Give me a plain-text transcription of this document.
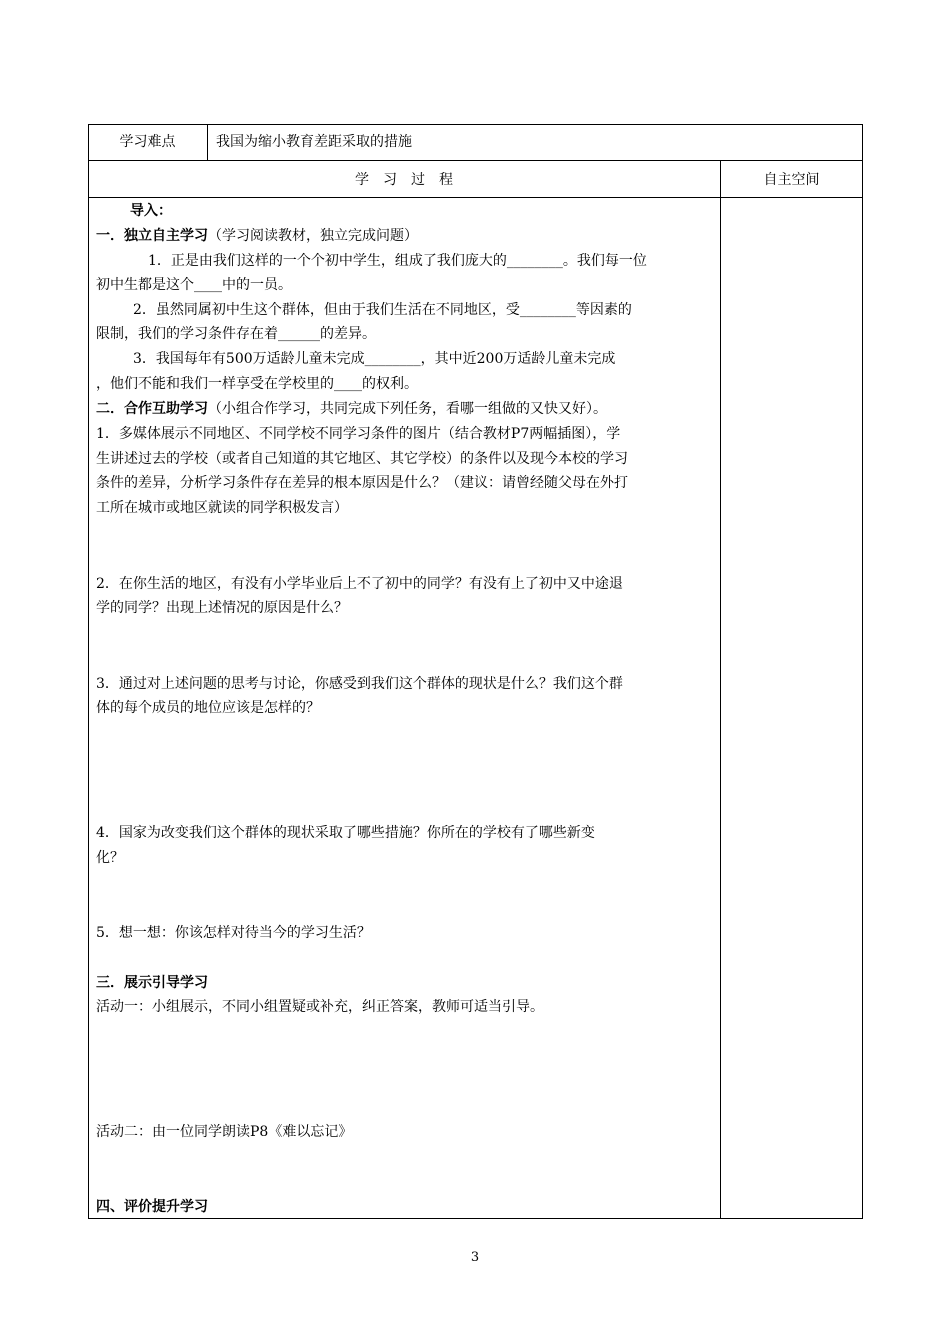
学习难点	我国为缩小教育差距采取的措施
学　习　过　程	自主空间
导入：
一．独立自主学习（学习阅读教材，独立完成问题）
1．正是由我们这样的一个个初中学生，组成了我们庞大的________。我们每一位
初中生都是这个____中的一员。
2．虽然同属初中生这个群体，但由于我们生活在不同地区，受________等因素的
限制，我们的学习条件存在着______的差异。
3．我国每年有500万适龄儿童未完成________，其中近200万适龄儿童未完成
，他们不能和我们一样享受在学校里的____的权利。
二．合作互助学习（小组合作学习，共同完成下列任务，看哪一组做的又快又好）。
1．多媒体展示不同地区、不同学校不同学习条件的图片（结合教材P7两幅插图），学
生讲述过去的学校（或者自己知道的其它地区、其它学校）的条件以及现今本校的学习
条件的差异，分析学习条件存在差异的根本原因是什么？（建议：请曾经随父母在外打
工所在城市或地区就读的同学积极发言）
2．在你生活的地区，有没有小学毕业后上不了初中的同学？有没有上了初中又中途退
学的同学？出现上述情况的原因是什么？
3．通过对上述问题的思考与讨论，你感受到我们这个群体的现状是什么？我们这个群
体的每个成员的地位应该是怎样的？
4．国家为改变我们这个群体的现状采取了哪些措施？你所在的学校有了哪些新变
化？
5．想一想：你该怎样对待当今的学习生活？
三．展示引导学习
活动一：小组展示，不同小组置疑或补充，纠正答案，教师可适当引导。
活动二：由一位同学朗读P8《难以忘记》
四、评价提升学习
3
